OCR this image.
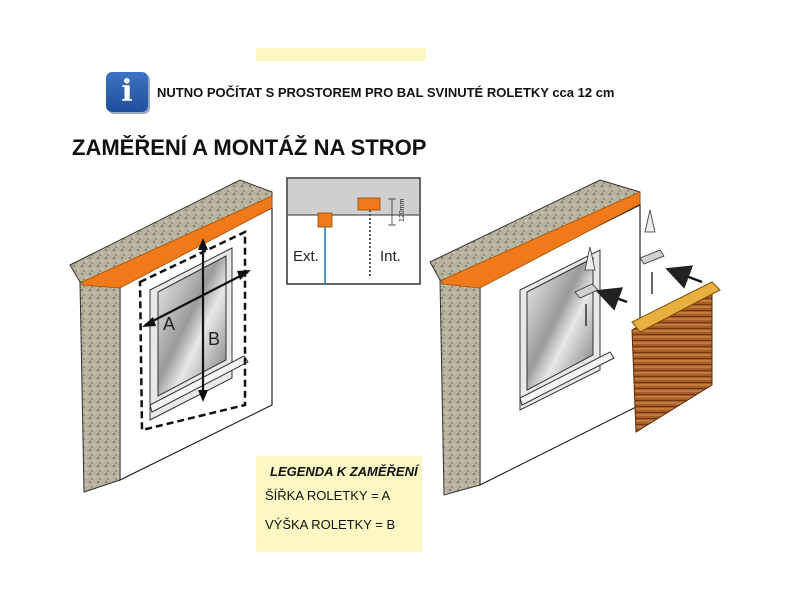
i	NUTNO POČÍTAT S PROSTOREM PRO BAL SVINUTÉ ROLETKY cca 12 cm
ZAMĚŘENÍ A MONTÁŽ NA STROP
A
B
Ext.	Int.
120mm
LEGENDA K ZAMĚŘENÍ
ŠÍŘKA ROLETKY = A
VÝŠKA ROLETKY = B
